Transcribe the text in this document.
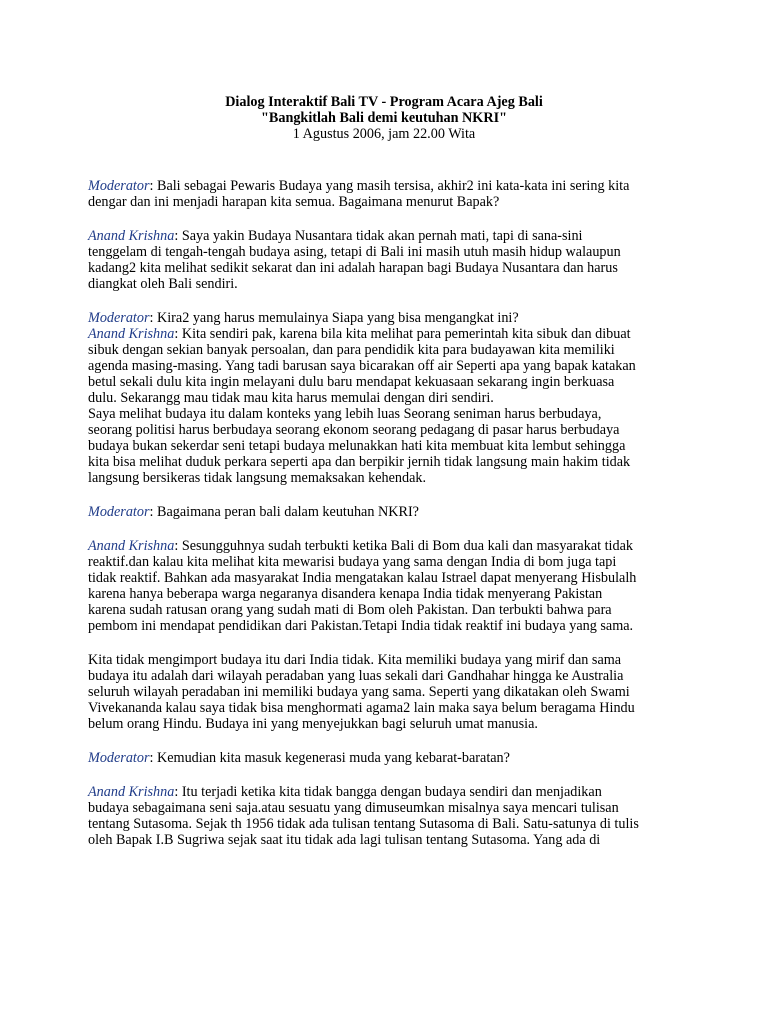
Dialog Interaktif Bali TV - Program Acara Ajeg Bali
"Bangkitlah Bali demi keutuhan NKRI"
1 Agustus 2006, jam 22.00 Wita

Moderator: Bali sebagai Pewaris Budaya yang masih tersisa, akhir2 ini kata-kata ini sering kita
dengar dan ini menjadi harapan kita semua. Bagaimana menurut Bapak?

Anand Krishna: Saya yakin Budaya Nusantara tidak akan pernah mati, tapi di sana-sini
tenggelam di tengah-tengah budaya asing, tetapi di Bali ini masih utuh masih hidup walaupun
kadang2 kita melihat sedikit sekarat dan ini adalah harapan bagi Budaya Nusantara dan harus
diangkat oleh Bali sendiri.

Moderator: Kira2 yang harus memulainya Siapa yang bisa mengangkat ini?

Anand Krishna: Kita sendiri pak, karena bila kita melihat para pemerintah kita sibuk dan dibuat
sibuk dengan sekian banyak persoalan, dan para pendidik kita para budayawan kita memiliki
agenda masing-masing. Yang tadi barusan saya bicarakan off air Seperti apa yang bapak katakan
betul sekali dulu kita ingin melayani dulu baru mendapat kekuasaan sekarang ingin berkuasa
dulu. Sekarangg mau tidak mau kita harus memulai dengan diri sendiri.
Saya melihat budaya itu dalam konteks yang lebih luas Seorang seniman harus berbudaya,
seorang politisi harus berbudaya seorang ekonom seorang pedagang di pasar harus berbudaya
budaya bukan sekerdar seni tetapi budaya melunakkan hati kita membuat kita lembut sehingga
kita bisa melihat duduk perkara seperti apa dan berpikir jernih tidak langsung main hakim tidak
langsung bersikeras tidak langsung memaksakan kehendak.

Moderator: Bagaimana peran bali dalam keutuhan NKRI?

Anand Krishna: Sesungguhnya sudah terbukti ketika Bali di Bom dua kali dan masyarakat tidak
reaktif.dan kalau kita melihat kita mewarisi budaya yang sama dengan India di bom juga tapi
tidak reaktif. Bahkan ada masyarakat India mengatakan kalau Istrael dapat menyerang Hisbulalh
karena hanya beberapa warga negaranya disandera kenapa India tidak menyerang Pakistan
karena sudah ratusan orang yang sudah mati di Bom oleh Pakistan. Dan terbukti bahwa para
pembom ini mendapat pendidikan dari Pakistan.Tetapi India tidak reaktif ini budaya yang sama.

Kita tidak mengimport budaya itu dari India tidak. Kita memiliki budaya yang mirif dan sama
budaya itu adalah dari wilayah peradaban yang luas sekali dari Gandhahar hingga ke Australia
seluruh wilayah peradaban ini memiliki budaya yang sama. Seperti yang dikatakan oleh Swami
Vivekananda kalau saya tidak bisa menghormati agama2 lain maka saya belum beragama Hindu
belum orang Hindu. Budaya ini yang menyejukkan bagi seluruh umat manusia.

Moderator: Kemudian kita masuk kegenerasi muda yang kebarat-baratan?

Anand Krishna: Itu terjadi ketika kita tidak bangga dengan budaya sendiri dan menjadikan
budaya sebagaimana seni saja.atau sesuatu yang dimuseumkan misalnya saya mencari tulisan
tentang Sutasoma. Sejak th 1956 tidak ada tulisan tentang Sutasoma di Bali. Satu-satunya di tulis
oleh Bapak I.B Sugriwa sejak saat itu tidak ada lagi tulisan tentang Sutasoma. Yang ada di
